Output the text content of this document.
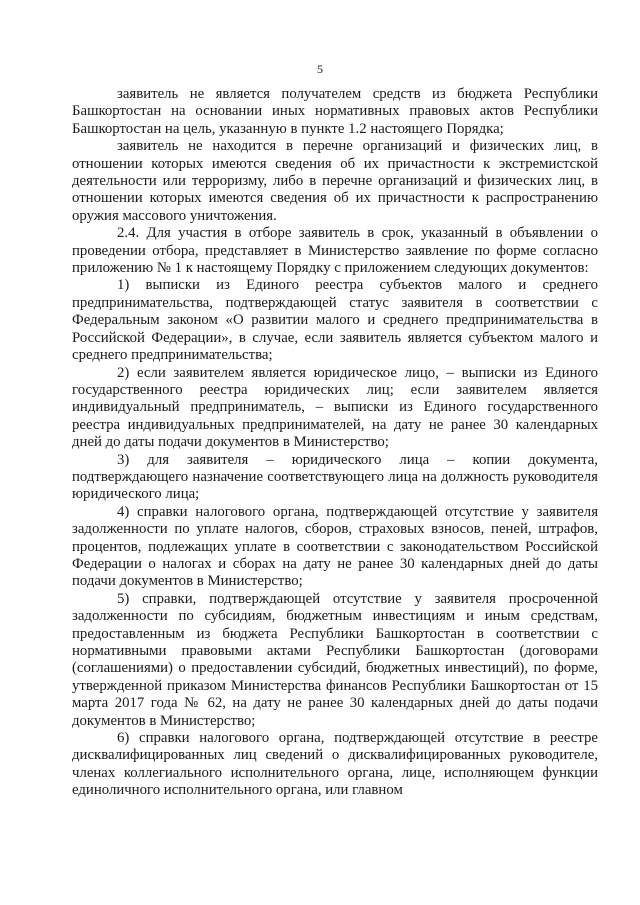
5

заявитель не является получателем средств из бюджета Республики Башкортостан на основании иных нормативных правовых актов Республики Башкортостан на цель, указанную в пункте 1.2 настоящего Порядка;

заявитель не находится в перечне организаций и физических лиц, в отношении которых имеются сведения об их причастности к экстремистской деятельности или терроризму, либо в перечне организаций и физических лиц, в отношении которых имеются сведения об их причастности к распространению оружия массового уничтожения.

2.4. Для участия в отборе заявитель в срок, указанный в объявлении о проведении отбора, представляет в Министерство заявление по форме согласно приложению № 1 к настоящему Порядку с приложением следующих документов:

1) выписки из Единого реестра субъектов малого и среднего предпринимательства, подтверждающей статус заявителя в соответствии с Федеральным законом «О развитии малого и среднего предпринимательства в Российской Федерации», в случае, если заявитель является субъектом малого и среднего предпринимательства;

2) если заявителем является юридическое лицо, – выписки из Единого государственного реестра юридических лиц; если заявителем является индивидуальный предприниматель, – выписки из Единого государственного реестра индивидуальных предпринимателей, на дату не ранее 30 календарных дней до даты подачи документов в Министерство;

3) для заявителя – юридического лица – копии документа, подтверждающего назначение соответствующего лица на должность руководителя юридического лица;

4) справки налогового органа, подтверждающей отсутствие у заявителя задолженности по уплате налогов, сборов, страховых взносов, пеней, штрафов, процентов, подлежащих уплате в соответствии с законодательством Российской Федерации о налогах и сборах на дату не ранее 30 календарных дней до даты подачи документов в Министерство;

5) справки, подтверждающей отсутствие у заявителя просроченной задолженности по субсидиям, бюджетным инвестициям и иным средствам, предоставленным из бюджета Республики Башкортостан в соответствии с нормативными правовыми актами Республики Башкортостан (договорами (соглашениями) о предоставлении субсидий, бюджетных инвестиций), по форме, утвержденной приказом Министерства финансов Республики Башкортостан от 15 марта 2017 года № 62, на дату не ранее 30 календарных дней до даты подачи документов в Министерство;

6) справки налогового органа, подтверждающей отсутствие в реестре дисквалифицированных лиц сведений о дисквалифицированных руководителе, членах коллегиального исполнительного органа, лице, исполняющем функции единоличного исполнительного органа, или главном
